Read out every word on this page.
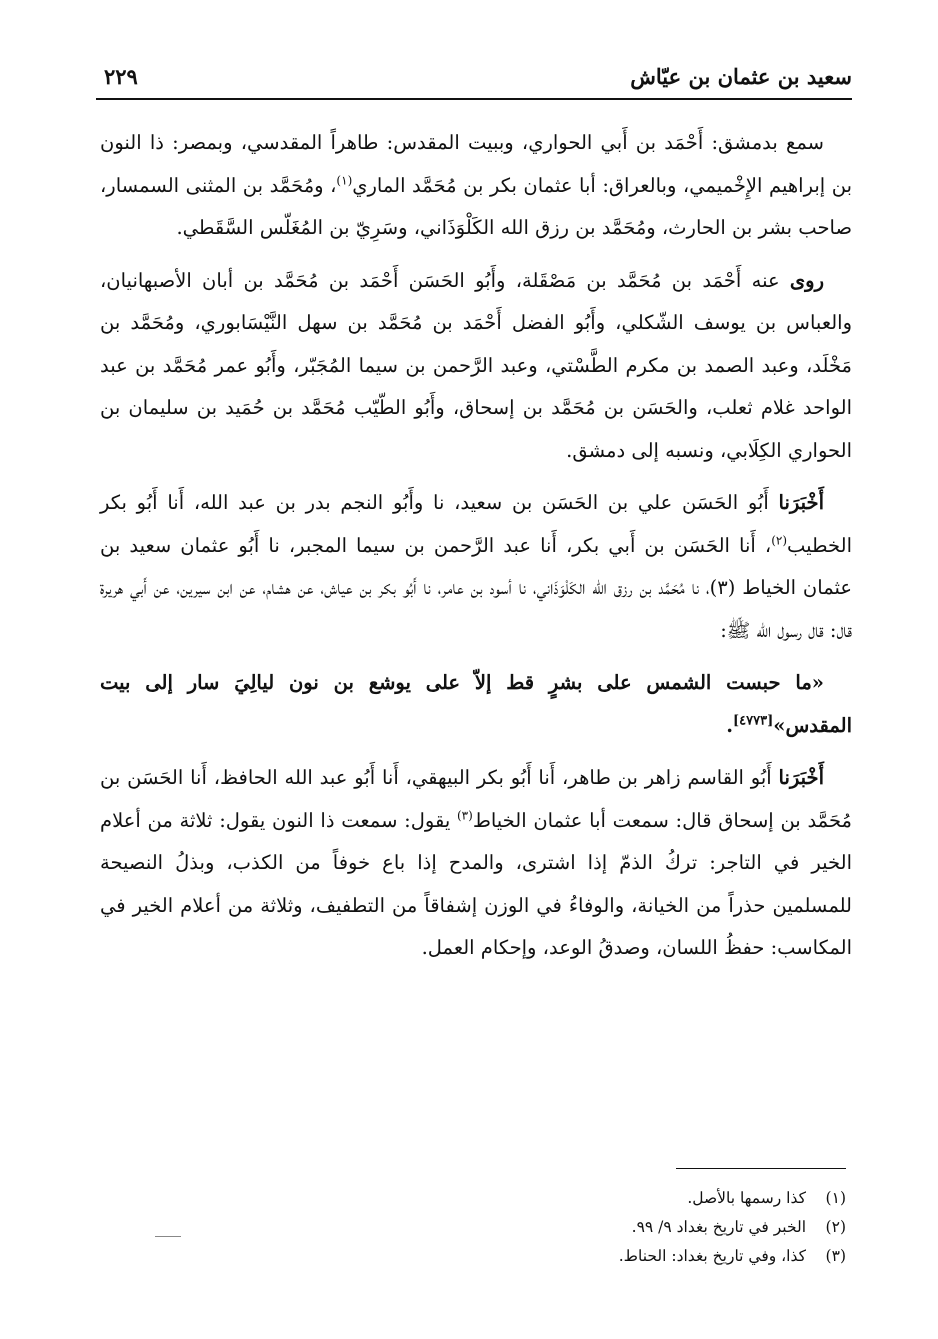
سعيد بن عثمان بن عيّاش
٢٢٩

سمع بدمشق: أَحْمَد بن أَبي الحواري، وببيت المقدس: طاهراً المقدسي، وبمصر: ذا النون بن إبراهيم الإِخْميمي، وبالعراق: أبا عثمان بكر بن مُحَمَّد الماري$^{(١)}$، ومُحَمَّد بن المثنى السمسار، صاحب بشر بن الحارث، ومُحَمَّد بن رزق الله الكَلْوَذَاني، وسَرِيّ بن المُغَلّس السَّقَطي.

روى عنه أَحْمَد بن مُحَمَّد بن مَصْقَلة، وأَبُو الحَسَن أَحْمَد بن مُحَمَّد بن أبان الأصبهانيان، والعباس بن يوسف الشّكلي، وأَبُو الفضل أَحْمَد بن مُحَمَّد بن سهل النَّيْسَابوري، ومُحَمَّد بن مَخْلَد، وعبد الصمد بن مكرم الطَّسْتي، وعبد الرَّحمن بن سيما المُجَبّر، وأَبُو عمر مُحَمَّد بن عبد الواحد غلام ثعلب، والحَسَن بن مُحَمَّد بن إسحاق، وأَبُو الطّيّب مُحَمَّد بن حُمَيد بن سليمان بن الحواري الكِلَابي، ونسبه إلى دمشق.

أَخْبَرَنا أَبُو الحَسَن علي بن الحَسَن بن سعيد، نا وأَبُو النجم بدر بن عبد الله، أَنا أَبُو بكر الخطيب$^{(٢)}$، أَنا الحَسَن بن أَبي بكر، أَنا عبد الرَّحمن بن سيما المجبر، نا أَبُو عثمان سعيد بن عثمان الخياط (٣)، نا مُحَمَّد بن رزق الله الكَلْوَذَاني، نا أسود بن عامر، نا أَبُو بكر بن عياش، عن هشام، عن ابن سيرين، عن أَبي هريرة قال: قال رسول الله ﷺ:

«ما حبست الشمس على بشرٍ قط إلاّ على يوشع بن نون ليالِيَ سار إلى بيت المقدس»[٤٧٧٣].

أَخْبَرَنا أَبُو القاسم زاهر بن طاهر، أَنا أَبُو بكر البيهقي، أَنا أَبُو عبد الله الحافظ، أَنا الحَسَن بن مُحَمَّد بن إسحاق قال: سمعت أبا عثمان الخياط$^{(٣)}$ يقول: سمعت ذا النون يقول: ثلاثة من أعلام الخير في التاجر: تركُ الذمّ إذا اشترى، والمدح إذا باع خوفاً من الكذب، وبذلُ النصيحة للمسلمين حذراً من الخيانة، والوفاءُ في الوزن إشفاقاً من التطفيف، وثلاثة من أعلام الخير في المكاسب: حفظُ اللسان، وصدقُ الوعد، وإحكام العمل.

(١)
كذا رسمها بالأصل.
(٢)
الخبر في تاريخ بغداد ٩/ ٩٩.
(٣)
كذا، وفي تاريخ بغداد: الحناط.
